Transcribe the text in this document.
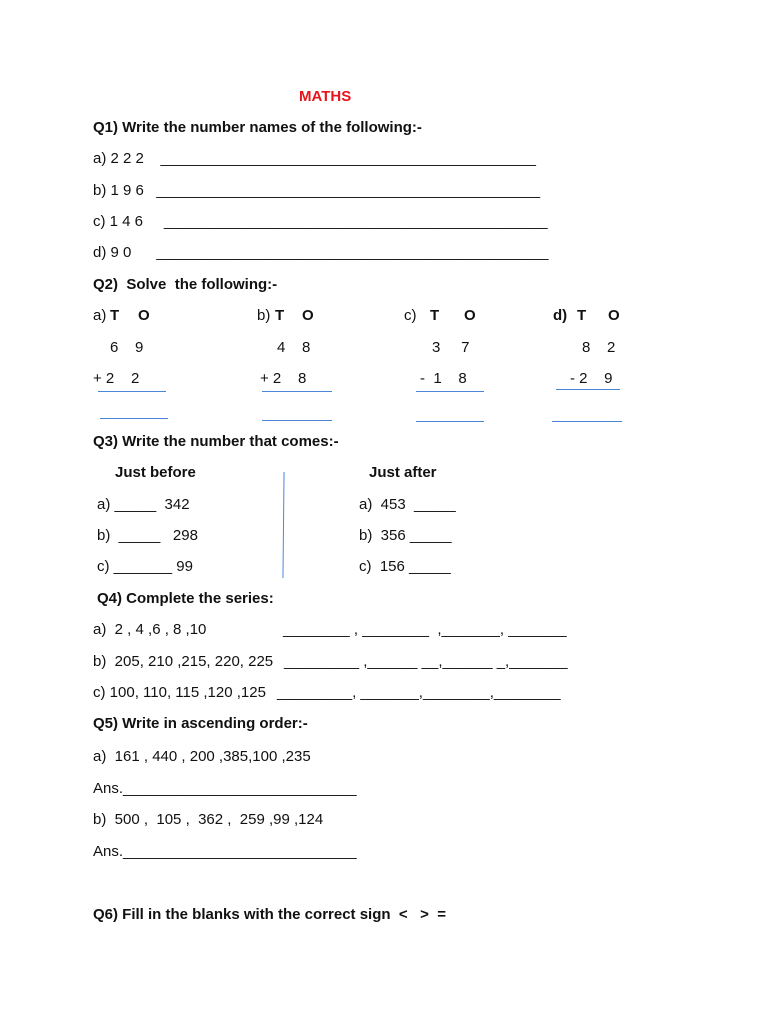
MATHS
Q1) Write the number names of the following:-
a) 2 2 2    _____________________________________________
b) 1 9 6   ______________________________________________
c) 1 4 6     ______________________________________________
d) 9 0      _______________________________________________
Q2)  Solve  the following:-
a) T O
6    9
+ 2    2
b) T O
4    8
+ 2    8
c) T O
3     7
-  1    8
d) T O
8    2
- 2    9
Q3) Write the number that comes:-
Just before	Just after
a) _____  342
b)  _____   298
c) _______ 99
a)  453  _____
b)  356 _____
c)  156 _____
Q4) Complete the series:
a)  2 , 4 ,6 , 8 ,10	________ , ________  ,_______, _______
b)  205, 210 ,215, 220, 225 _________ ,______ __,______ _,_______
c) 100, 110, 115 ,120 ,125 _________, _______,________,________
Q5) Write in ascending order:-
a)  161 , 440 , 200 ,385,100 ,235
Ans.____________________________
b)  500 ,  105 ,  362 ,  259 ,99 ,124
Ans.____________________________
Q6) Fill in the blanks with the correct sign  <   >  =
